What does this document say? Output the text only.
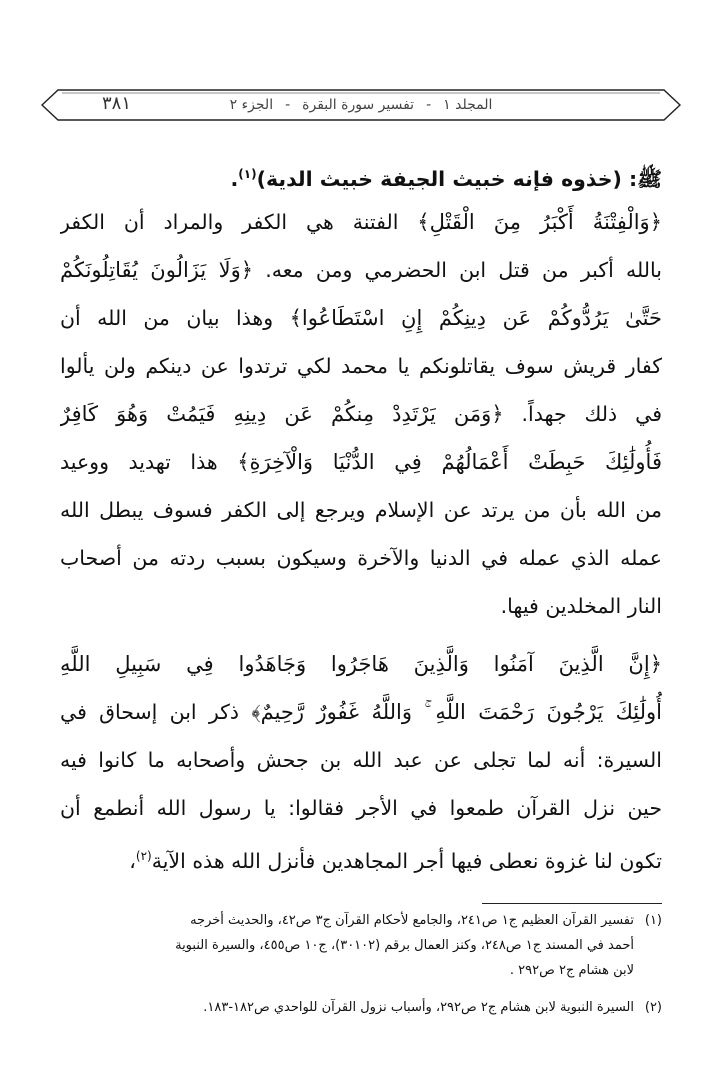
٣٨١	المجلد ١
-
تفسير سورة البقرة
-
الجزء ٢
ﷺ: (خذوه فإنه خبيث الجيفة خبيث الدية)$^{(١)}$.
﴿وَالْفِتْنَةُ أَكْبَرُ مِنَ الْقَتْلِ﴾ الفتنة هي الكفر والمراد أن الكفر
بالله أكبر من قتل ابن الحضرمي ومن معه. ﴿وَلَا يَزَالُونَ يُقَاتِلُونَكُمْ
حَتَّىٰ يَرُدُّوكُمْ عَن دِينِكُمْ إِنِ اسْتَطَاعُوا﴾ وهذا بيان من الله أن
كفار قريش سوف يقاتلونكم يا محمد لكي ترتدوا عن دينكم ولن يألوا
في ذلك جهداً. ﴿وَمَن يَرْتَدِدْ مِنكُمْ عَن دِينِهِ فَيَمُتْ وَهُوَ كَافِرٌ
فَأُولَٰئِكَ حَبِطَتْ أَعْمَالُهُمْ فِي الدُّنْيَا وَالْآخِرَةِ﴾ هذا تهديد ووعيد
من الله بأن من يرتد عن الإسلام ويرجع إلى الكفر فسوف يبطل الله
عمله الذي عمله في الدنيا والآخرة وسيكون بسبب ردته من أصحاب
النار المخلدين فيها.
﴿إِنَّ الَّذِينَ آمَنُوا وَالَّذِينَ هَاجَرُوا وَجَاهَدُوا فِي سَبِيلِ اللَّهِ
أُولَٰئِكَ يَرْجُونَ رَحْمَتَ اللَّهِ ۚ وَاللَّهُ غَفُورٌ رَّحِيمٌ﴾ ذكر ابن إسحاق في
السيرة: أنه لما تجلى عن عبد الله بن جحش وأصحابه ما كانوا فيه
حين نزل القرآن طمعوا في الأجر فقالوا: يا رسول الله أنطمع أن
تكون لنا غزوة نعطى فيها أجر المجاهدين فأنزل الله هذه الآية$^{(٢)}$،
(١)
تفسير القرآن العظيم ج١ ص٢٤١، والجامع لأحكام القرآن ج٣ ص٤٢، والحديث أخرجه
أحمد في المسند ج١ ص٢٤٨، وكنز العمال برقم (٣٠١٠٢)، ج١٠ ص٤٥٥، والسيرة النبوية
لابن هشام ج٢ ص٢٩٢ .
(٢)
السيرة النبوية لابن هشام ج٢ ص٢٩٢، وأسباب نزول القرآن للواحدي ص١٨٢-١٨٣.
